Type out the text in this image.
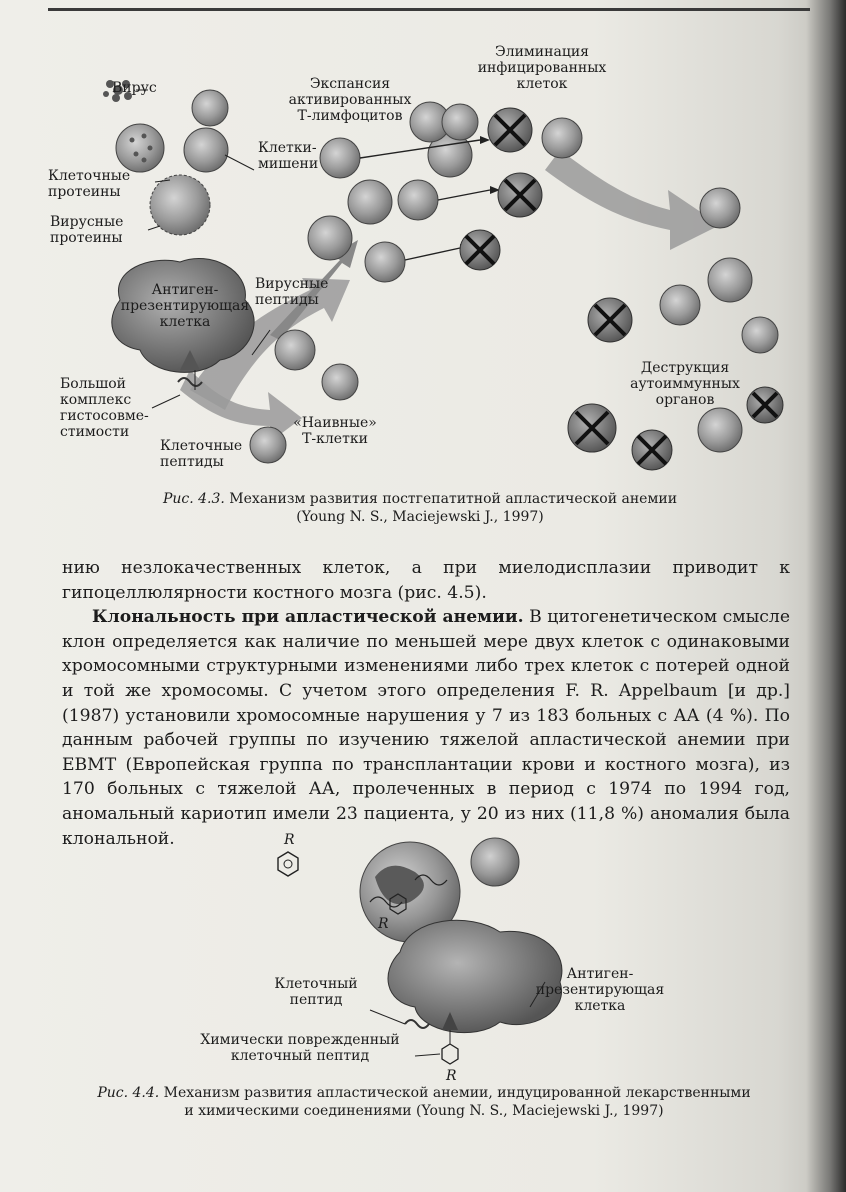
Вирус	Экспансия
активированных
Т-лимфоцитов
Элиминация
инфицированных
клеток
Клетки-
мишени
Клеточные
протеины
Вирусные
протеины
Антиген-
презентирующая
клетка
Вирусные
пептиды
Большой
комплекс
гистосовме-
стимости
Клеточные
пептиды
«Наивные»
Т-клетки
Деструкция
аутоиммунных
органов
Рис. 4.3. Механизм развития постгепатитной апластической анемии
(Young N. S., Maciejewski J., 1997)

нию незлокачественных клеток, а при миелодисплазии приводит к гипоцеллюлярности костного мозга (рис. 4.5).

Клональность при апластической анемии. В цитогенетическом смысле клон определяется как наличие по меньшей мере двух клеток с одинаковыми хромосомными структурными изменениями либо трех клеток с потерей одной и той же хромосомы. С учетом этого определения F. R. Appelbaum [и др.] (1987) установили хромосомные нарушения у 7 из 183 больных с АА (4 %). По данным рабочей группы по изучению тяжелой апластической анемии при EBMT (Европейская группа по трансплантации крови и костного мозга), из 170 больных с тяжелой АА, пролеченных в период с 1974 по 1994 год, аномальный кариотип имели 23 пациента, у 20 из них (11,8 %) аномалия была клональной.	R
R
R
Клеточный
пептид
Антиген-
презентирующая
клетка
Химически поврежденный
клеточный пептид
Рис. 4.4. Механизм развития апластической анемии, индуцированной лекарственными
и химическими соединениями (Young N. S., Maciejewski J., 1997)
